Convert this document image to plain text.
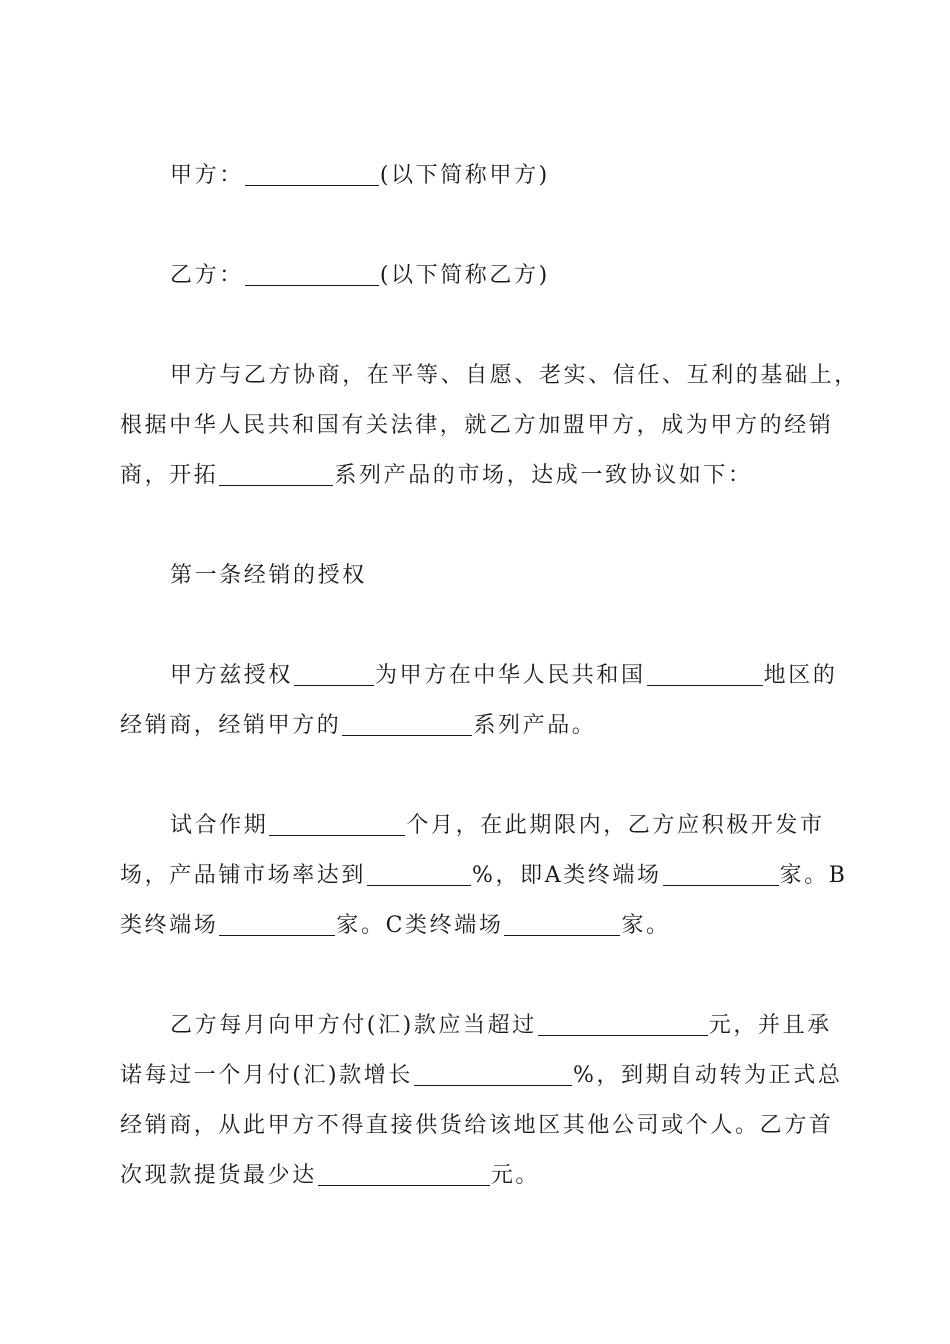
甲方：	(以下简称甲方)
乙方：	(以下简称乙方)
甲方与乙方协商，在平等、自愿、老实、信任、互利的基础上，
根据中华人民共和国有关法律，就乙方加盟甲方，成为甲方的经销
商，开拓	系列产品的市场，达成一致协议如下：
第一条经销的授权
甲方兹授权	为甲方在中华人民共和国	地区的
经销商，经销甲方的	系列产品。
试合作期	个月，在此期限内，乙方应积极开发市
场，产品铺市场率达到	%，即A类终端场	家。B
类终端场	家。C类终端场	家。
乙方每月向甲方付(汇)款应当超过	元，并且承
诺每过一个月付(汇)款增长	%，到期自动转为正式总
经销商，从此甲方不得直接供货给该地区其他公司或个人。乙方首
次现款提货最少达	元。
